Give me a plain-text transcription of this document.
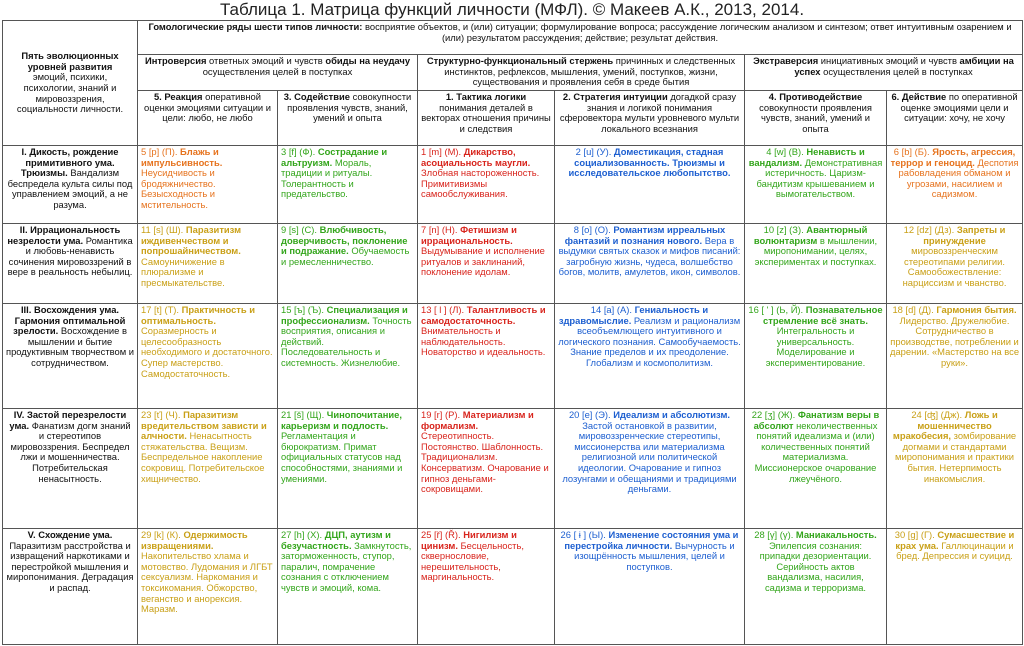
Таблица 1. Матрица функций личности (МФЛ). © Макеев А.К., 2013, 2014.
Пять эволюционных уровней развития
эмоций, психики, психологии, знаний и мировоззрения, социальности личности.	Гомологические ряды шести типов личности: восприятие объектов, и (или) ситуации; формулирование вопроса; рассуждение логическим анализом и синтезом; ответ интуитивным озарением и (или) результатом рассуждения; действие; результат действия.					
	Интроверсия ответных эмоций и чувств обиды на неудачу осуществления целей в поступках		Структурно-функциональный стержень причинных и следственных инстинктов, рефлексов, мышления, умений, поступков, жизни, существования и проявления себя в среде бытия		Экстраверсия инициативных эмоций и чувств амбиции на успех осуществления целей в поступках	
	5. Реакция оперативной оценки эмоциями ситуации и цели: любо, не любо	3. Содействие совокупности проявления чувств, знаний, умений и опыта	1. Тактика логики понимания деталей в векторах отношения причины и следствия	2. Стратегия интуиции догадкой сразу знания и логикой понимания сферовектора мульти уровневого мульти локального всезнания	4. Противодействие совокупности проявления чувств, знаний, умений и опыта	6. Действие по оперативной оценке эмоциями цели и ситуации: хочу, не хочу
I. Дикость, рождение примитивного ума. Трюизмы. Вандализм беспредела культа силы под управлением эмоций, а не разума.	5 [p] (П). Блажь и импульсивность. Неусидчивость и бродяжничество. Безысходность и мстительность.	3 [f] (Ф). Сострадание и альтруизм. Мораль, традиции и ритуалы. Толерантность и предательство.	1 [m] (М). Дикарство, асоциальность маугли. Злобная настороженность. Примитивизмы самообслуживания.	2 [u] (У). Доместикация, стадная социализованность. Трюизмы и исследовательское любопытство.	4 [w] (В). Ненависть и вандализм. Демонстративная истеричность. Царизм-бандитизм крышеванием и вымогательством.	6 [b] (Б). Ярость, агрессия, террор и геноцид. Деспотия рабовладения обманом и угрозами, насилием и садизмом.
II. Иррациональность незрелости ума. Романтика и любовь-ненависть сочинения мировоззрений в вере в реальность небылиц.	11 [s] (Ш). Паразитизм иждивенчеством и попрошайничеством. Самоуничижение в плюрализме и пресмыкательстве.	9 [s] (С). Влюбчивость, доверчивость, поклонение и подражание. Обучаемость и ремесленничество.	7 [n] (Н). Фетишизм и иррациональность. Выдумывание и исполнение ритуалов и заклинаний, поклонение идолам.	8 [o] (О). Романтизм ирреальных фантазий и познания нового. Вера в выдумки святых сказок и мифов писаний: загробную жизнь, чудеса, волшебство богов, молитв, амулетов, икон, символов.	10 [z] (З). Авантюрный волюнтаризм в мышлении, миропонимании, целях, экспериментах и поступках.	12 [dz] (Дз). Запреты и принуждение мировоззренческим стереотипами религии. Самообожествление: нарциссизм и чванство.
III. Восхождения ума. Гармония оптимальной зрелости. Восхождение в мышлении и бытие продуктивным творчеством и сотрудничеством.	17 [t] (Т). Практичность и оптимальность. Соразмерность и целесообразность необходимого и достаточного. Супер мастерство. Самодостаточность.	15 [ъ] (Ъ). Специализация и профессионализм. Точность восприятия, описания и действий. Последовательность и системность. Жизнелюбие.	13 [ l ] (Л). Талантливость и самодостаточность. Внимательность и наблюдательность. Новаторство и идеальность.	14 [a] (А). Гениальность и здравомыслие. Реализм и рационализм всеобъемлющего интуитивного и логического познания. Самообучаемость. Знание пределов и их преодоление. Глобализм и космополитизм.	16 [ ' ] (Ь, Й). Познавательное стремление всё знать. Интегральность и универсальность. Моделирование и экспериментирование.	18 [d] (Д). Гармония бытия. Лидерство. Дружелюбие. Сотрудничество в производстве, потреблении и дарении. «Мастерство на все руки».
IV. Застой перезрелости ума. Фанатизм догм знаний и стереотипов мировоззрения. Беспредел лжи и мошенничества. Потребительская ненасытность.	23 [ť] (Ч). Паразитизм вредительством зависти и алчности. Ненасытность стяжательства. Вещизм. Беспредельное накопление сокровищ. Потребительское хищничество.	21 [š] (Щ). Чинопочитание, карьеризм и подлость. Регламентация и бюрократизм. Примат официальных статусов над способностями, знаниями и умениями.	19 [r] (Р). Материализм и формализм. Стереотипность. Постоянство. Шаблонность. Традиционализм. Консерватизм. Очарование и гипноз деньгами-сокровищами.	20 [e] (Э). Идеализм и абсолютизм. Застой остановкой в развитии, мировоззренческие стереотипы, миссионерства или материализма религиозной или политической идеологии. Очарование и гипноз лозунгами и обещаниями и традициями деньгами.	22 [ʒ] (Ж). Фанатизм веры в абсолют неколичественных понятий идеализма и (или) количественных понятий материализма. Миссионерское очарование лжеучёного.	24 [ʤ] (Дж). Ложь и мошенничество мракобесия, зомбирование догмами и стандартами миропонимания и практики бытия. Нетерпимость инакомыслия.
V. Схождение ума. Паразитизм расстройства и извращений наркотиками и перестройкой мышления и миропонимания. Деградация и распад.	29 [k] (К). Одержимость извращениями. Накопительство хлама и мотовство. Лудомания и ЛГБТ сексуализм. Наркомания и токсикомания. Обжорство, веганство и анорексия. Маразм.	27 [h] (Х). ДЦП, аутизм и безучастность. Замкнутость, заторможенность, ступор, паралич, помрачение сознания с отключением чувств и эмоций, кома.	25 [ř] (Ř). Нигилизм и цинизм. Бесцельность, сквернословие, нерешительность, маргинальность.	26 [ ɨ ] (Ы). Изменение состояния ума и перестройка личности. Вычурность и изощрённость мышления, целей и поступков.	28 [γ] (γ). Маниакальность. Эпилепсия сознания: припадки дезориентации. Серийность актов вандализма, насилия, садизма и терроризма.	30 [g] (Г). Сумасшествие и крах ума. Галлюцинации и бред. Депрессия и суицид.
